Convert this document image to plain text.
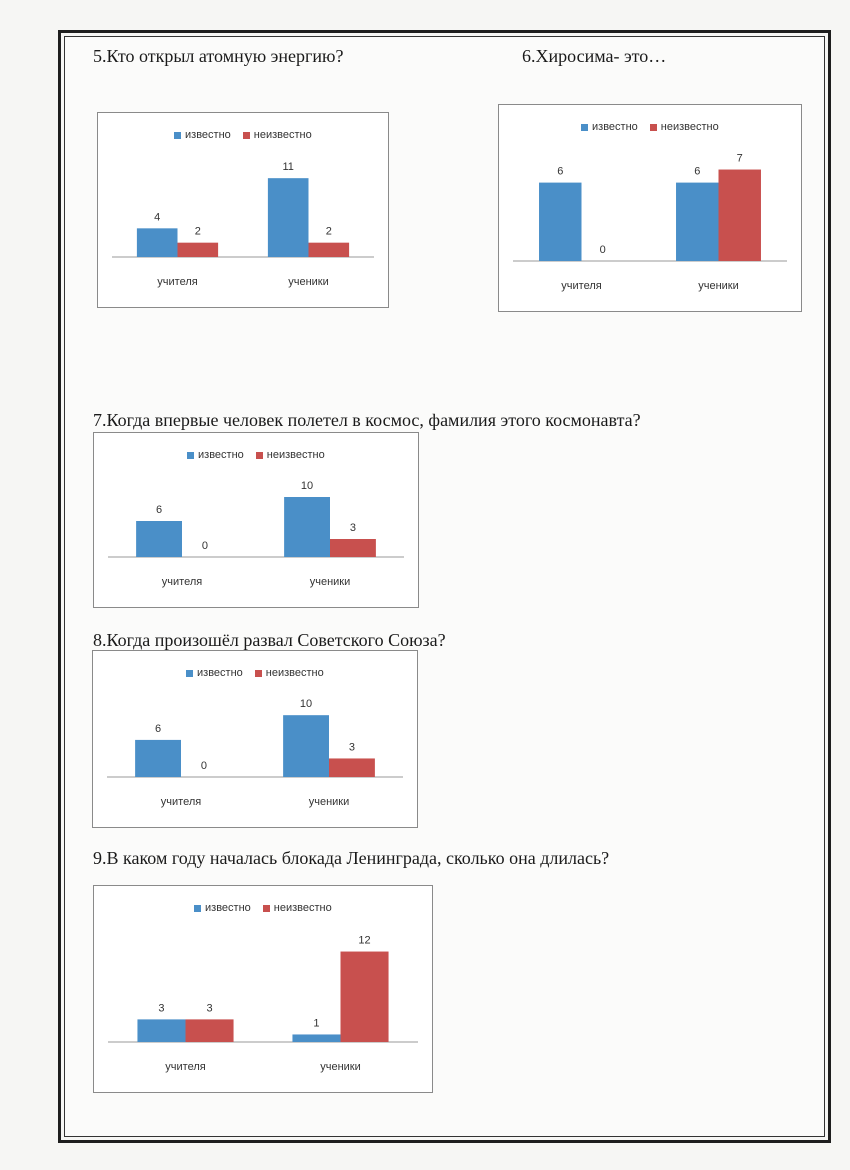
5.Кто открыл атомную энергию?	6.Хиросима- это…
7.Когда впервые человек полетел в космос, фамилия этого космонавта?
8.Когда произошёл развал Советского Союза?
9.В каком году началась блокада Ленинграда, сколько она длилась?
известно неизвестно
4
2
учителя
11
2
ученики
известно неизвестно
6
0
учителя
6
7
ученики
известно неизвестно
6
0
учителя
10
3
ученики
известно неизвестно
6
0
учителя
10
3
ученики
известно неизвестно
3	3
учителя
1
12
ученики
